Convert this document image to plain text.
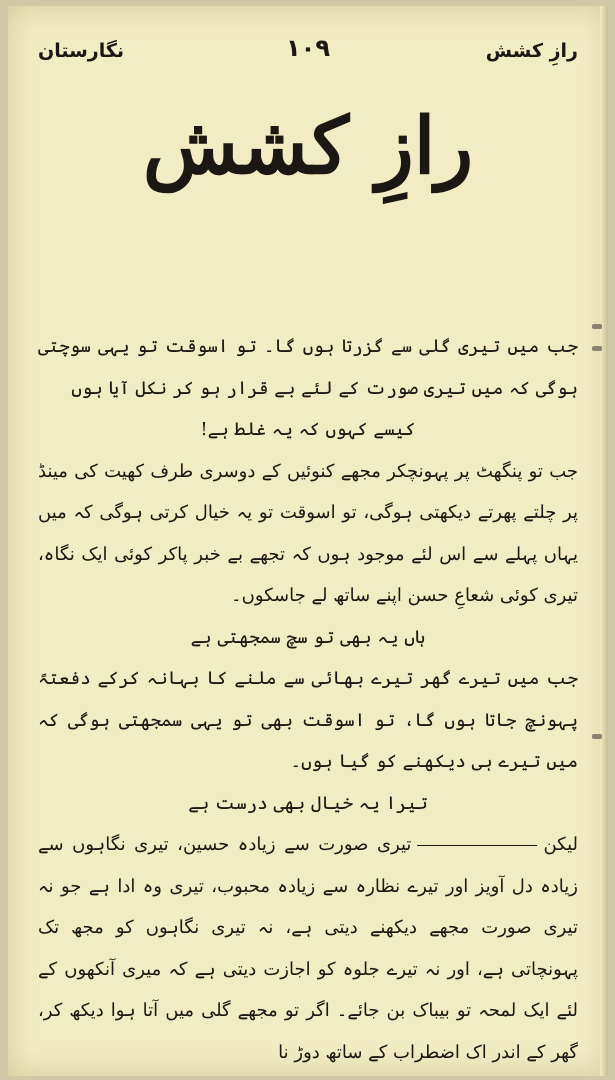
نگارستان	۱۰۹	رازِ کشش
رازِ کشش

جب میں تیری گلی سے گزرتا ہوں گا۔ تو اسوقت تو یہی سوچتی ہوگی کہ میں تیری صورت کے لئے بے قرار ہو کر نکل آیا ہوں

کیسے کہوں کہ یہ غلط ہے!

جب تو پنگھٹ پر پہونچکر مجھے کنوئیں کے دوسری طرف کھیت کی مینڈ پر چلتے پھرتے دیکھتی ہوگی، تو اسوقت تو یہ خیال کرتی ہوگی کہ میں یہاں پہلے سے اس لئے موجود ہوں کہ تجھے بے خبر پاکر کوئی ایک نگاہ، تیری کوئی شعاعِ حسن اپنے ساتھ لے جاسکوں۔

ہاں یہ بھی تو سچ سمجھتی ہے

جب میں تیرے گھر تیرے بھائی سے ملنے کا بہانہ کرکے دفعتہً پہونچ جاتا ہوں گا، تو اسوقت بھی تو یہی سمجھتی ہوگی کہ میں تیرے ہی دیکھنے کو گیا ہوں۔

تیرا یہ خیال بھی درست ہے

لیکنتیری صورت سے زیادہ حسین، تیری نگاہوں سے زیادہ دل آویز اور تیرے نظارہ سے زیادہ محبوب، تیری وہ ادا ہے جو نہ تیری صورت مجھے دیکھنے دیتی ہے، نہ تیری نگاہوں کو مجھ تک پہونچاتی ہے، اور نہ تیرے جلوہ کو اجازت دیتی ہے کہ میری آنکھوں کے لئے ایک لمحہ تو بیباک بن جائے۔ اگر تو مجھے گلی میں آتا ہوا دیکھ کر، گھر کے اندر اک اضطراب کے ساتھ دوڑ نا
